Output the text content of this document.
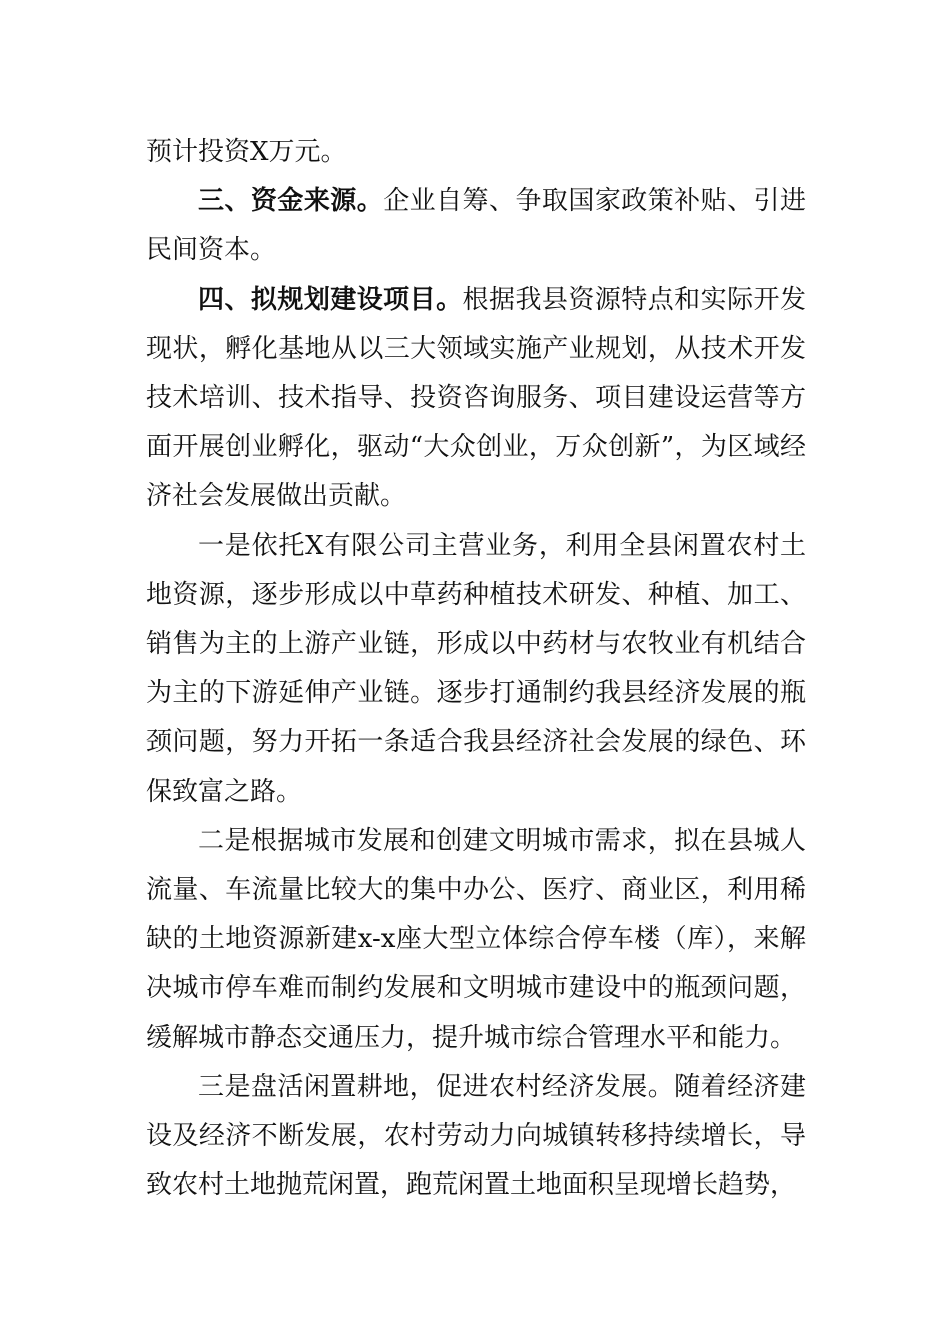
预计投资X万元。

三、资金来源。企业自筹、争取国家政策补贴、引进民间资本。

四、拟规划建设项目。根据我县资源特点和实际开发现状，孵化基地从以三大领域实施产业规划，从技术开发技术培训、技术指导、投资咨询服务、项目建设运营等方面开展创业孵化，驱动“大众创业，万众创新”，为区域经济社会发展做出贡献。

一是依托X有限公司主营业务，利用全县闲置农村土地资源，逐步形成以中草药种植技术研发、种植、加工、销售为主的上游产业链，形成以中药材与农牧业有机结合为主的下游延伸产业链。逐步打通制约我县经济发展的瓶颈问题，努力开拓一条适合我县经济社会发展的绿色、环保致富之路。

二是根据城市发展和创建文明城市需求，拟在县城人流量、车流量比较大的集中办公、医疗、商业区，利用稀缺的土地资源新建x-x座大型立体综合停车楼（库），来解决城市停车难而制约发展和文明城市建设中的瓶颈问题，缓解城市静态交通压力，提升城市综合管理水平和能力。

三是盘活闲置耕地，促进农村经济发展。随着经济建设及经济不断发展，农村劳动力向城镇转移持续增长，导致农村土地抛荒闲置，跑荒闲置土地面积呈现增长趋势，
